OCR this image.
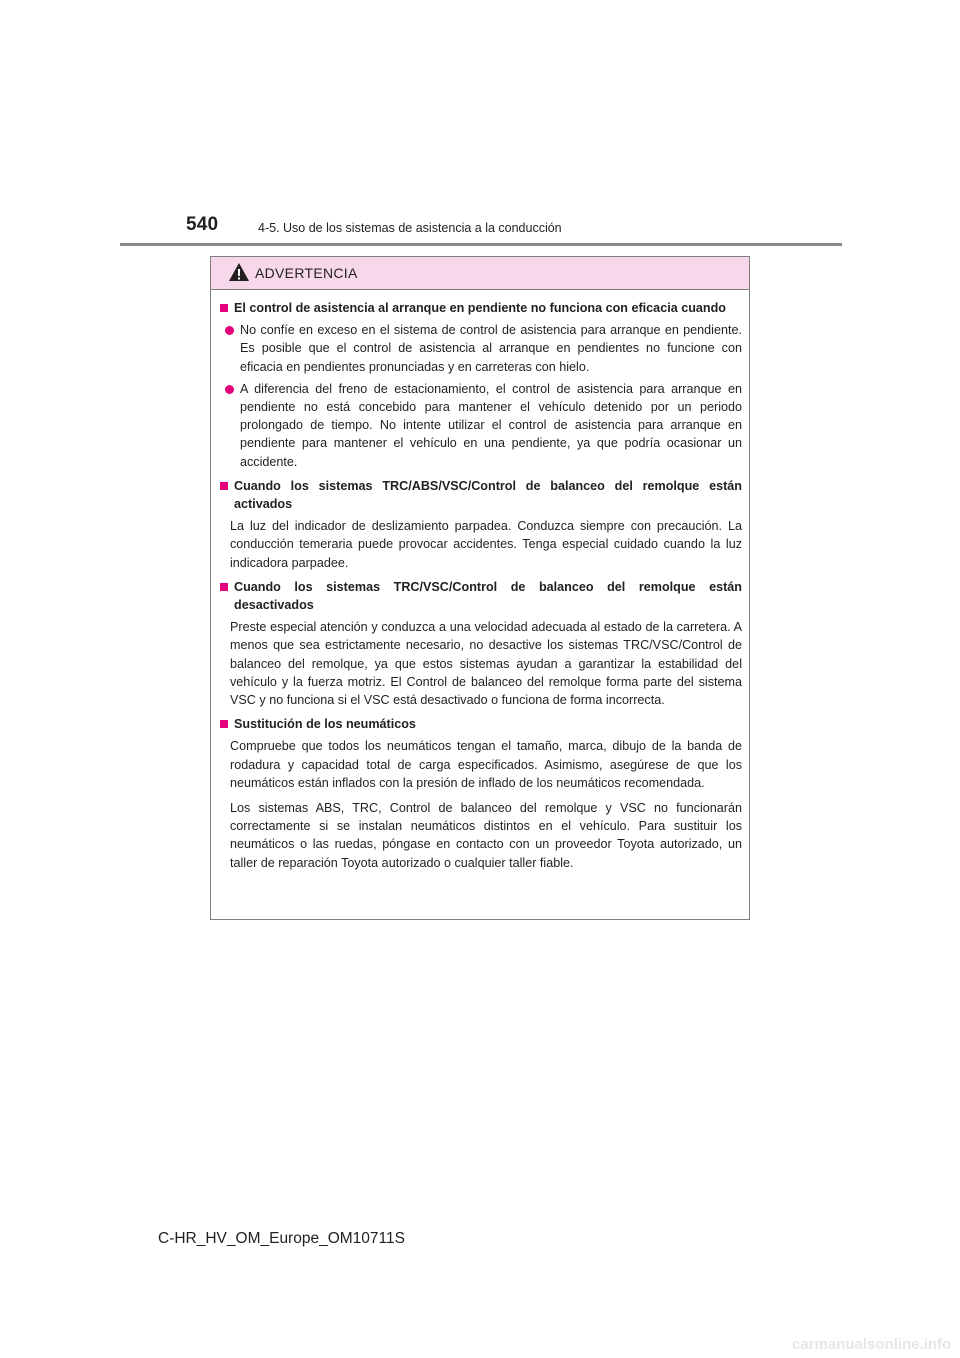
540	4-5. Uso de los sistemas de asistencia a la conducción
ADVERTENCIA
El control de asistencia al arranque en pendiente no funciona con eficacia cuando
No confíe en exceso en el sistema de control de asistencia para arranque en pendiente. Es posible que el control de asistencia al arranque en pendientes no funcione con eficacia en pendientes pronunciadas y en carreteras con hielo.
A diferencia del freno de estacionamiento, el control de asistencia para arranque en pendiente no está concebido para mantener el vehículo detenido por un periodo prolongado de tiempo. No intente utilizar el control de asistencia para arranque en pendiente para mantener el vehículo en una pendiente, ya que podría ocasionar un accidente.
Cuando los sistemas TRC/ABS/VSC/Control de balanceo del remolque están activados
La luz del indicador de deslizamiento parpadea. Conduzca siempre con precaución. La conducción temeraria puede provocar accidentes. Tenga especial cuidado cuando la luz indicadora parpadee.
Cuando los sistemas TRC/VSC/Control de balanceo del remolque están desactivados
Preste especial atención y conduzca a una velocidad adecuada al estado de la carretera. A menos que sea estrictamente necesario, no desactive los sistemas TRC/VSC/Control de balanceo del remolque, ya que estos sistemas ayudan a garantizar la estabilidad del vehículo y la fuerza motriz. El Control de balanceo del remolque forma parte del sistema VSC y no funciona si el VSC está desactivado o funciona de forma incorrecta.
Sustitución de los neumáticos
Compruebe que todos los neumáticos tengan el tamaño, marca, dibujo de la banda de rodadura y capacidad total de carga especificados. Asimismo, asegúrese de que los neumáticos están inflados con la presión de inflado de los neumáticos recomendada.
Los sistemas ABS, TRC, Control de balanceo del remolque y VSC no funcionarán correctamente si se instalan neumáticos distintos en el vehículo. Para sustituir los neumáticos o las ruedas, póngase en contacto con un proveedor Toyota autorizado, un taller de reparación Toyota autorizado o cualquier taller fiable.
C-HR_HV_OM_Europe_OM10711S
carmanualsonline.info
